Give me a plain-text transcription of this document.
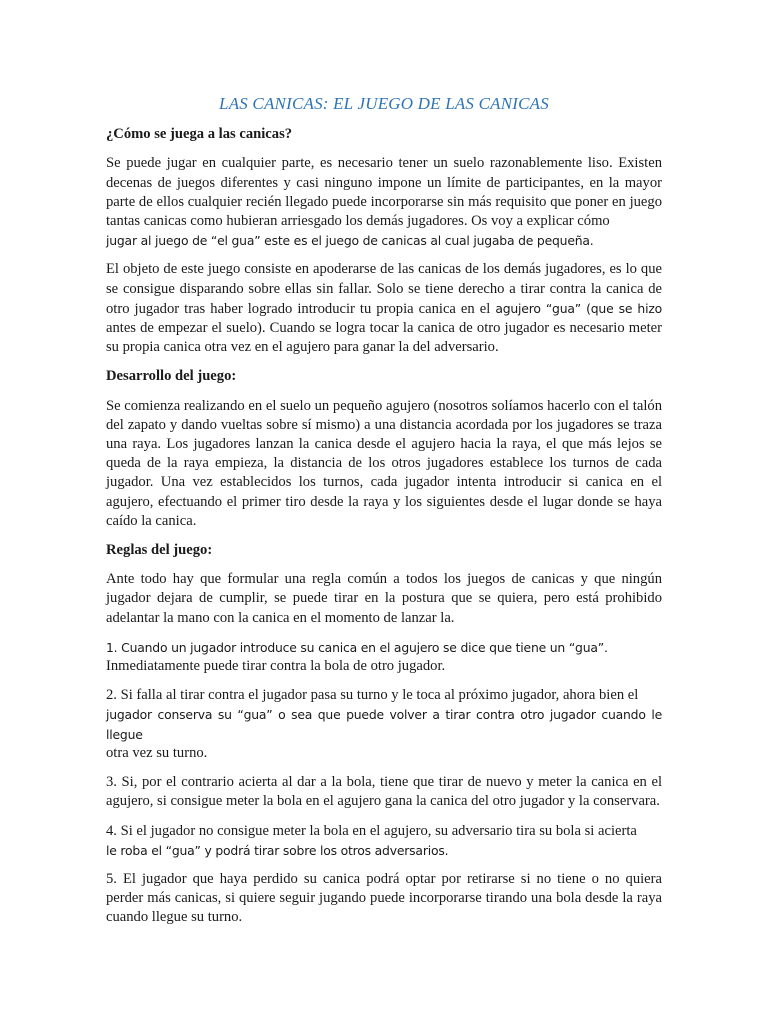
LAS CANICAS: EL JUEGO DE LAS CANICAS
¿Cómo se juega a las canicas?
Se puede jugar en cualquier parte, es necesario tener un suelo razonablemente liso. Existen decenas de juegos diferentes y casi ninguno impone un límite de participantes, en la mayor parte de ellos cualquier recién llegado puede incorporarse sin más requisito que poner en juego tantas canicas como hubieran arriesgado los demás jugadores. Os voy a explicar cómo
jugar al juego de “el gua” este es el juego de canicas al cual jugaba de pequeña.
El objeto de este juego consiste en apoderarse de las canicas de los demás jugadores, es lo que se consigue disparando sobre ellas sin fallar. Solo se tiene derecho a tirar contra la canica de otro jugador tras haber logrado introducir tu propia canica en el agujero “gua” (que se hizo antes de empezar el suelo). Cuando se logra tocar la canica de otro jugador es necesario meter su propia canica otra vez en el agujero para ganar la del adversario.
Desarrollo del juego:
Se comienza realizando en el suelo un pequeño agujero (nosotros solíamos hacerlo con el talón del zapato y dando vueltas sobre sí mismo) a una distancia acordada por los jugadores se traza una raya. Los jugadores lanzan la canica desde el agujero hacia la raya, el que más lejos se queda de la raya empieza, la distancia de los otros jugadores establece los turnos de cada jugador. Una vez establecidos los turnos, cada jugador intenta introducir si canica en el agujero, efectuando el primer tiro desde la raya y los siguientes desde el lugar donde se haya caído la canica.
Reglas del juego:
Ante todo hay que formular una regla común a todos los juegos de canicas y que ningún jugador dejara de cumplir, se puede tirar en la postura que se quiera, pero está prohibido adelantar la mano con la canica en el momento de lanzar la.
1. Cuando un jugador introduce su canica en el agujero se dice que tiene un “gua”.
Inmediatamente puede tirar contra la bola de otro jugador.
2. Si falla al tirar contra el jugador pasa su turno y le toca al próximo jugador, ahora bien el
jugador conserva su “gua” o sea que puede volver a tirar contra otro jugador cuando le llegue
otra vez su turno.
3. Si, por el contrario acierta al dar a la bola, tiene que tirar de nuevo y meter la canica en el agujero, si consigue meter la bola en el agujero gana la canica del otro jugador y la conservara.
4. Si el jugador no consigue meter la bola en el agujero, su adversario tira su bola si acierta
le roba el “gua” y podrá tirar sobre los otros adversarios.
5. El jugador que haya perdido su canica podrá optar por retirarse si no tiene o no quiera perder más canicas, si quiere seguir jugando puede incorporarse tirando una bola desde la raya cuando llegue su turno.
